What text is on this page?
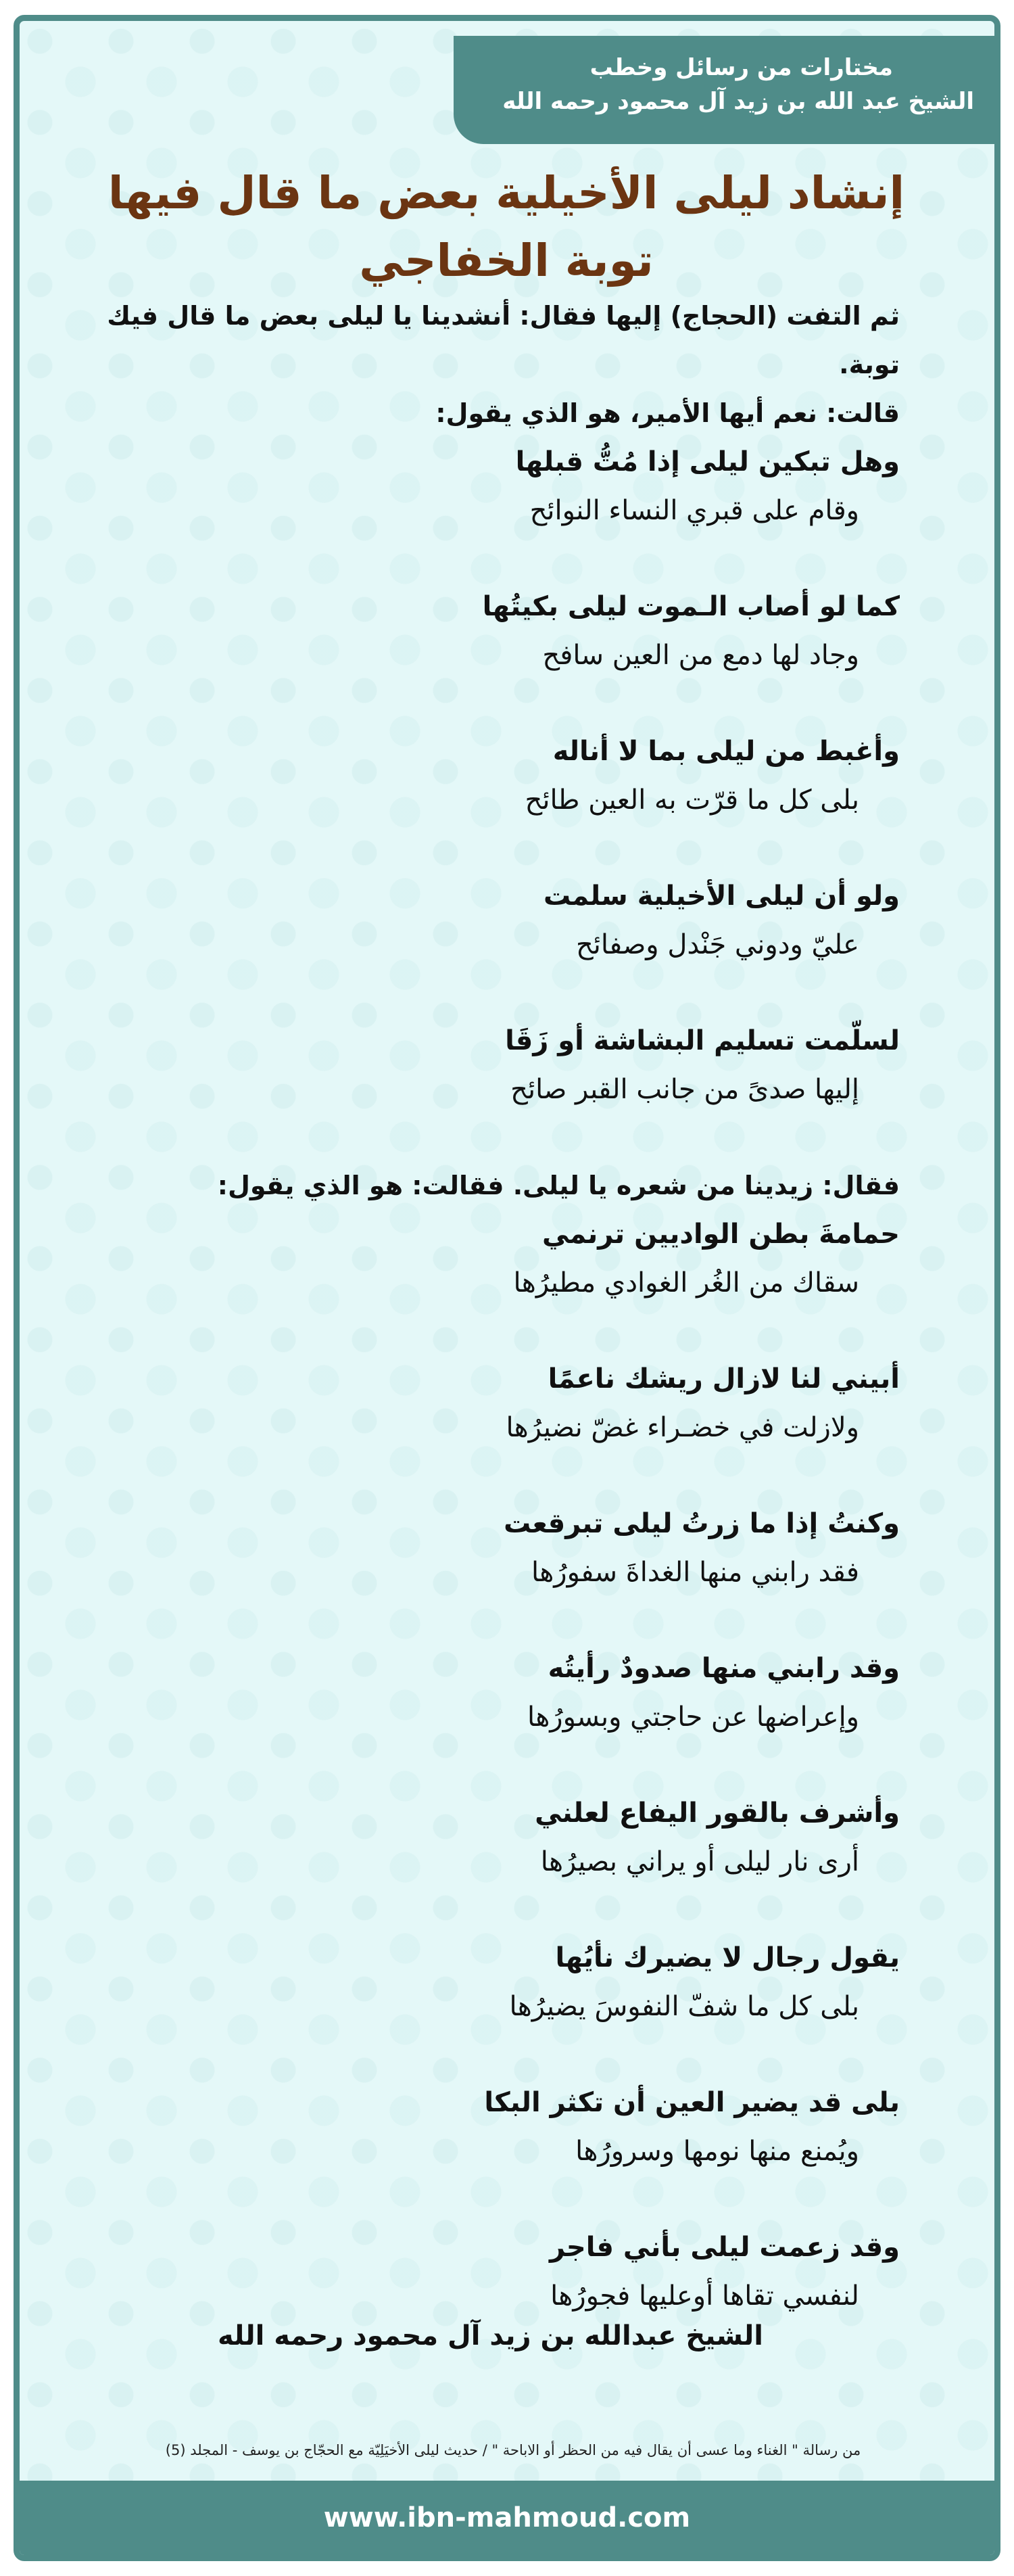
مختارات من رسائل وخطب
الشيخ عبد الله بن زيد آل محمود رحمه الله
إنشاد ليلى الأخيلية بعض ما قال فيها توبة الخفاجي

ثم التفت (الحجاج) إليها فقال: أنشدينا يا ليلى بعض ما قال فيك توبة.

قالت: نعم أيها الأمير، هو الذي يقول:

وهل تبكين ليلى إذا مُتُّ قبلها
وقام على قبري النساء النوائح
كما لو أصاب الـموت ليلى بكيتُها
وجاد لها دمع من العين سافح
وأغبط من ليلى بما لا أناله
بلى كل ما قرّت به العين طائح
ولو أن ليلى الأخيلية سلمت
عليّ ودوني جَنْدل وصفائح
لسلّمت تسليم البشاشة أو زَقَا
إليها صدىً من جانب القبر صائح

فقال: زيدينا من شعره يا ليلى. فقالت: هو الذي يقول:

حمامةَ بطن الواديين ترنمي
سقاك من الغُر الغوادي مطيرُها
أبيني لنا لازال ريشك ناعمًا
ولازلت في خضـراء غضّ نضيرُها
وكنتُ إذا ما زرتُ ليلى تبرقعت
فقد رابني منها الغداةَ سفورُها
وقد رابني منها صدودٌ رأيتُه
وإعراضها عن حاجتي وبسورُها
وأشرف بالقور اليفاع لعلني
أرى نار ليلى أو يراني بصيرُها
يقول رجال لا يضيرك نأيُها
بلى كل ما شفّ النفوسَ يضيرُها
بلى قد يضير العين أن تكثر البكا
ويُمنع منها نومها وسرورُها
وقد زعمت ليلى بأني فاجر
لنفسي تقاها أوعليها فجورُها
الشيخ عبدالله بن زيد آل محمود رحمه الله
من رسالة " الغناء وما عسى أن يقال فيه من الحظر أو الاباحة " / حديث ليلى الأخيَلِيّة مع الحجّاج بن يوسف - المجلد (5)
www.ibn-mahmoud.com
